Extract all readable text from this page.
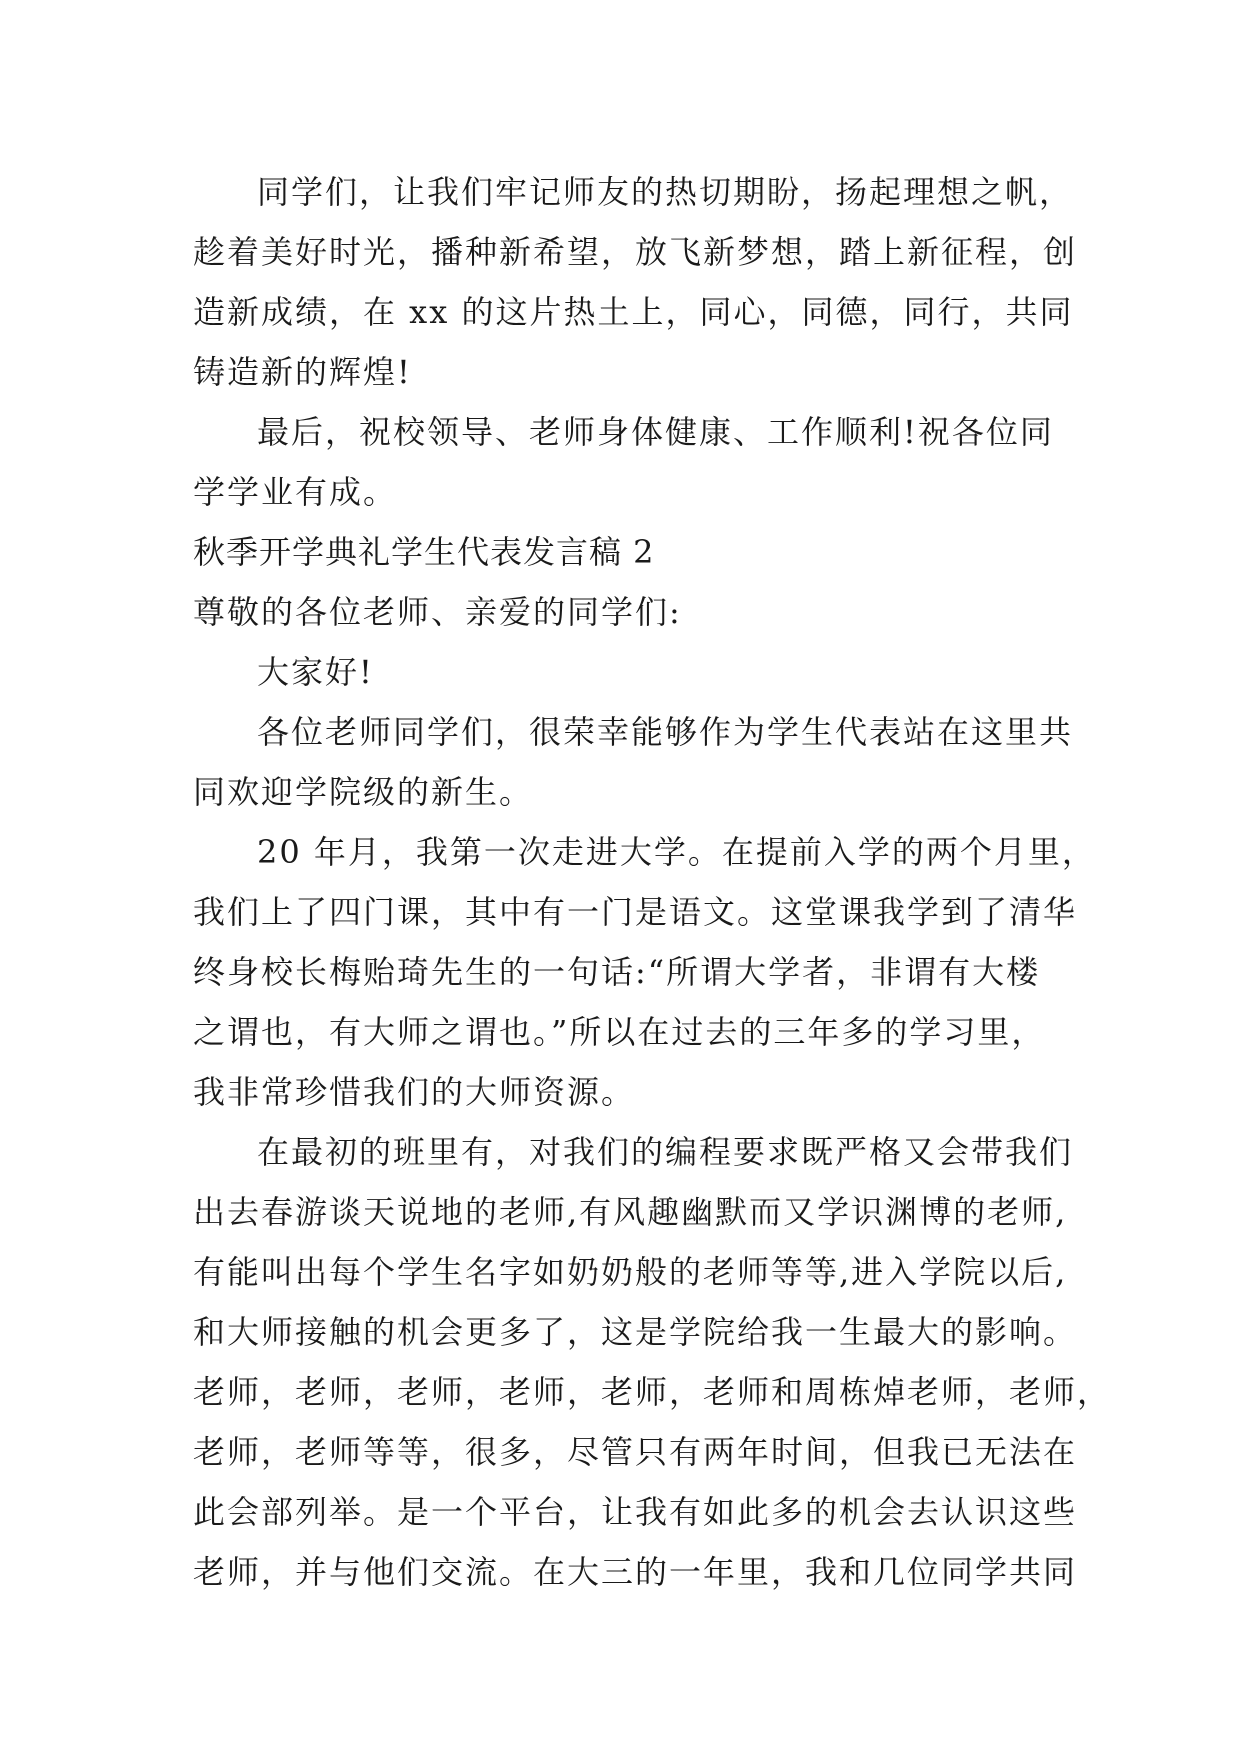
同学们，让我们牢记师友的热切期盼，扬起理想之帆，
趁着美好时光，播种新希望，放飞新梦想，踏上新征程，创
造新成绩，在 xx 的这片热土上，同心，同德，同行，共同
铸造新的辉煌!
最后，祝校领导、老师身体健康、工作顺利!祝各位同
学学业有成。
秋季开学典礼学生代表发言稿 2
尊敬的各位老师、亲爱的同学们:
大家好!
各位老师同学们，很荣幸能够作为学生代表站在这里共
同欢迎学院级的新生。
20 年月，我第一次走进大学。在提前入学的两个月里，
我们上了四门课，其中有一门是语文。这堂课我学到了清华
终身校长梅贻琦先生的一句话:“所谓大学者，非谓有大楼
之谓也，有大师之谓也。”所以在过去的三年多的学习里，
我非常珍惜我们的大师资源。
在最初的班里有，对我们的编程要求既严格又会带我们
出去春游谈天说地的老师,有风趣幽默而又学识渊博的老师,
有能叫出每个学生名字如奶奶般的老师等等,进入学院以后,
和大师接触的机会更多了，这是学院给我一生最大的影响。
老师，老师，老师，老师，老师，老师和周栋焯老师，老师，
老师，老师等等，很多，尽管只有两年时间，但我已无法在
此会部列举。是一个平台，让我有如此多的机会去认识这些
老师，并与他们交流。在大三的一年里，我和几位同学共同
